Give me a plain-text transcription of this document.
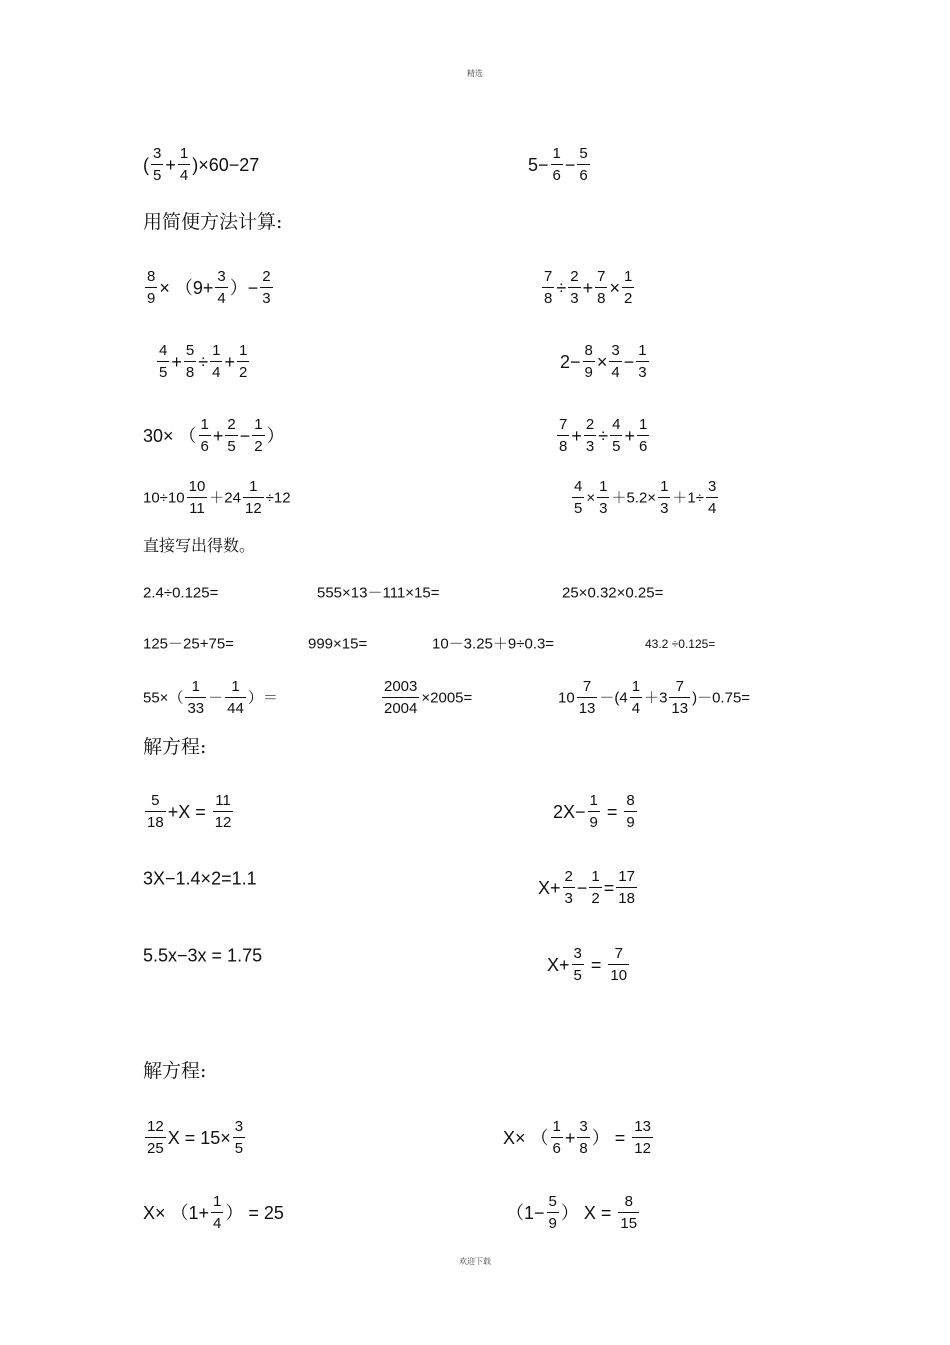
精选
用简便方法计算:
直接写出得数。
解方程:
解方程:
( $\frac{3}{5} + \frac{1}{4} )\times 60-27$	$5- \frac{1}{6} - \frac{5}{6}$
$\frac{8}{9} \times (9+ \frac{3}{4}$ ）− $\frac{2}{3}$	$\frac{7}{8} \div \frac{2}{3} + \frac{7}{8} \times \frac{1}{2}$
$\frac{4}{5} + \frac{5}{8} \div \frac{1}{4} + \frac{1}{2}$	$2- \frac{8}{9} \times \frac{3}{4} - \frac{1}{3}$
30× （ $\frac{1}{6} + \frac{2}{5} - \frac{1}{2}$ ）	$\frac{7}{8} + \frac{2}{3} \div \frac{4}{5} + \frac{1}{6}$
$10\div 10 \frac{10}{11} +24 \frac{1}{12} \div 12$	$\frac{4}{5} \times \frac{1}{3} +5.2\times \frac{1}{3} +1\div \frac{3}{4}$
2.4÷0.125=	555×13－111×15=	25×0.32×0.25=
125－25+75=	999×15=	10－3.25＋9÷0.3=	43.2 ÷0.125=
$55\times( \frac{1}{33} - \frac{1}{44}$ ）＝	$\frac{2003}{2004} \times 2005=$	$10 \frac{7}{13} -(4 \frac{1}{4} +3 \frac{7}{13} )-0.75=$
$\frac{5}{18} +X = \frac{11}{12}$	$2X- \frac{1}{9} = \frac{8}{9}$
3X−1.4×2=1.1	$X+ \frac{2}{3} - \frac{1}{2} = \frac{17}{18}$
5.5x−3x = 1.75	$X+ \frac{3}{5} = \frac{7}{10}$
$\frac{12}{25}$ $X = 15\times \frac{3}{5}$	X× （ $\frac{1}{6} + \frac{3}{8}$ ） = $\frac{13}{12}$
$X\times (1+ \frac{1}{4}$ ） = 25	（$1- \frac{5}{9}$ ） $X = \frac{8}{15}$
欢迎下载
